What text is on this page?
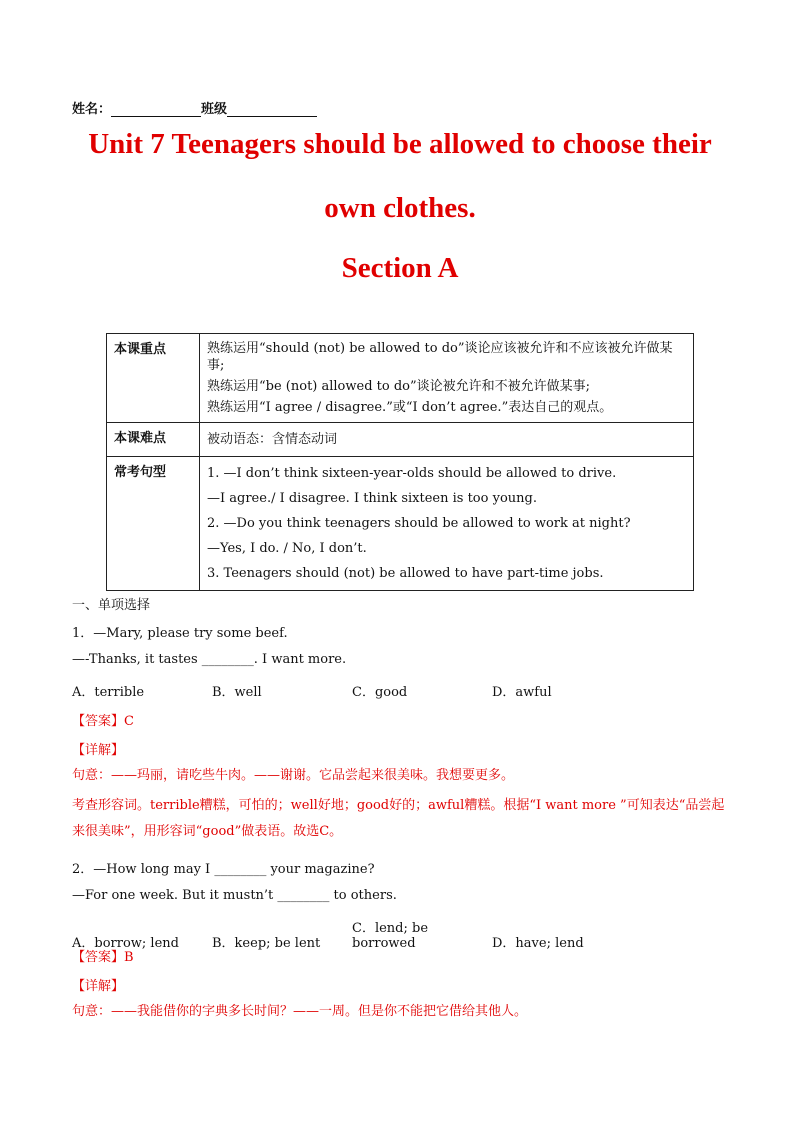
姓名：	班级
Unit 7 Teenagers should be allowed to choose their
own clothes.
Section A
本课重点	熟练运用“should (not) be allowed to do”谈论应该被允许和不应该被允许做某事;

熟练运用“be (not) allowed to do”谈论被允许和不被允许做某事;

熟练运用“I agree / disagree.”或“I don’t agree.”表达自己的观点。

本课难点	被动语态：含情态动词

常考句型	1. —I don’t think sixteen-year-olds should be allowed to drive.

—I agree./ I disagree. I think sixteen is too young.

2. —Do you think teenagers should be allowed to work at night?

—Yes, I do. / No, I don’t.

3. Teenagers should (not) be allowed to have part-time jobs.

一、单项选择
1．—Mary, please try some beef.
—-Thanks, it tastes ________. I want more.
A．terrible	B．well	C．good	D．awful
【答案】C
【详解】
句意：——玛丽，请吃些牛肉。——谢谢。它品尝起来很美味。我想要更多。
考查形容词。terrible糟糕，可怕的；well好地；good好的；awful糟糕。根据“I want more ”可知表达“品尝起来很美味”，用形容词“good”做表语。故选C。
2．—How long may I ________ your magazine?
—For one week. But it mustn’t ________ to others.
A．borrow; lend	B．keep; be lentC．lend; be borrowed	D．have; lend
【答案】B
【详解】
句意：——我能借你的字典多长时间？——一周。但是你不能把它借给其他人。
